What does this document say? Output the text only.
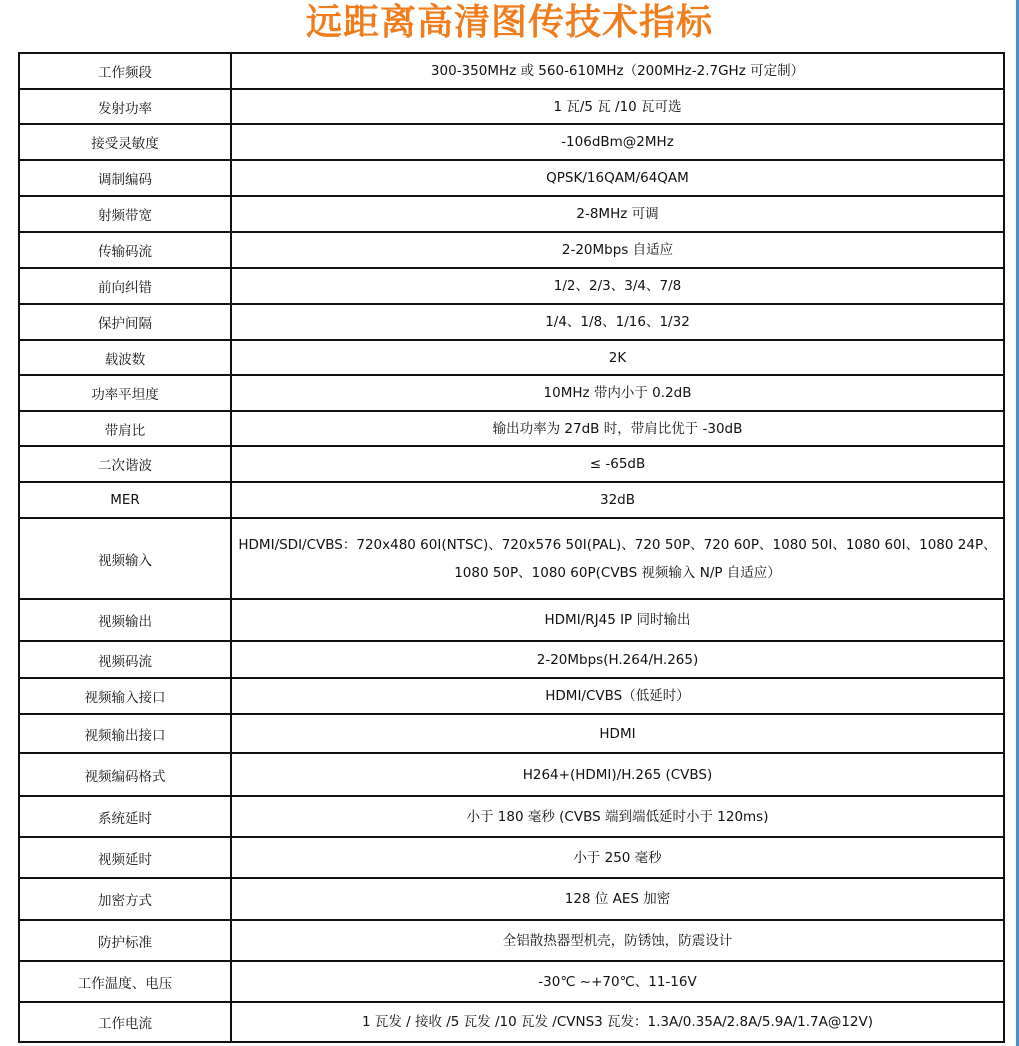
远距离高清图传技术指标
工作频段	300-350MHz 或 560-610MHz（200MHz-2.7GHz 可定制）
发射功率	1 瓦/5 瓦 /10 瓦可选
接受灵敏度	-106dBm@2MHz
调制编码	QPSK/16QAM/64QAM
射频带宽	2-8MHz 可调
传输码流	2-20Mbps 自适应
前向纠错	1/2、2/3、3/4、7/8
保护间隔	1/4、1/8、1/16、1/32
载波数	2K
功率平坦度	10MHz 带内小于 0.2dB
带肩比	输出功率为 27dB 时，带肩比优于 -30dB
二次谐波	≤ -65dB
MER	32dB
视频输入	HDMI/SDI/CVBS：720x480 60I(NTSC)、720x576 50I(PAL)、720 50P、720 60P、1080 50I、1080 60I、1080 24P、1080 50P、1080 60P(CVBS 视频输入 N/P 自适应）
视频输出	HDMI/RJ45 IP 同时输出
视频码流	2-20Mbps(H.264/H.265)
视频输入接口	HDMI/CVBS（低延时）
视频输出接口	HDMI
视频编码格式	H264+(HDMI)/H.265 (CVBS)
系统延时	小于 180 毫秒 (CVBS 端到端低延时小于 120ms)
视频延时	小于 250 毫秒
加密方式	128 位 AES 加密
防护标准	全铝散热器型机壳，防锈蚀，防震设计
工作温度、电压	-30℃ ~+70℃、11-16V
工作电流	1 瓦发 / 接收 /5 瓦发 /10 瓦发 /CVNS3 瓦发：1.3A/0.35A/2.8A/5.9A/1.7A@12V)
